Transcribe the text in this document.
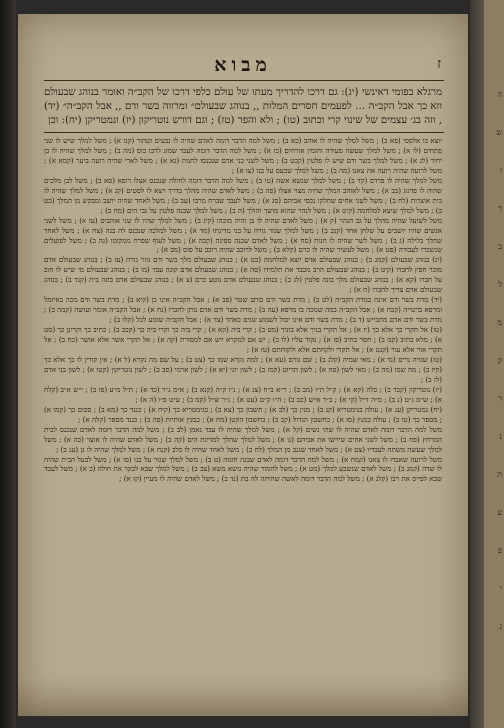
ה
ש
ו
ד
ב
ל
מ
ק
ר
נ
ת
ע
פ
י
ג
מבוא	ז
מרגלא בפומי דאינשי (יג): גם דרכו להדריך מעתו של עולם כלפי דרכו של הקב״ה ואומר בנוהג שבעולם וזא כך אבל הקב״ה … לפעמים חסרים המלות ,, בנוהג שבעולם״ ומרווה בשר ודם ,, אבל הקב״ה״ (יד) , וזה בג׳ עצמים של שינוי קרי וכתוב (טו) ; ולא והפר (טז) ; וגם דורש נוטריקון (יז) וגמטריקן (יח): וכן

יוצא בו אלפסי (פא ב) ; משל למלך שהיה לו אוהב (כא ב) ; משל למה הדבר דומה לאדם שהיה לו נבעים וטהור (קנז א) ; משל למלך שיש לו שני פתחים (לו א) ; משל למלך שעשה סעודה והזמין אורחים (כז א) ; משל למה הדבר דומה לעבד שמזג לרבו כוס (מה ב) ; משל למלך שהיה לו בן יחיד (לג א) ; משל למלך בשר ודם שיש לו פלטין (קכט ב) ; משל לשני בני אדם שנכנסו לחנות (נא א) ; משל לארי שהיה רועה ביער (קמא א) ; משל לרועה שהיה רועה את צאנו (מה ב) ; משל למלך שכעס על בנו (צו א) ;

משל למלך שהיה לו פרדס (קד ב) ; משל למלך שנשא אשה (טו ב) ; משל למה הדבר דומה לחולה שנכנס אצלו רופא (סא ב) ; משל לבן מלכים שהיה לו פדגוג (כב א) ; משל לאוהב המלך שהיה מצוי אצלו (פה ב) ; משל לאדם שהיה מהלך בדרך ויצא לו לסטים (קג א) ; משל למלך שהיה לו בית אוצרות (לח ב) ; משל לשני אחים שחלקו נכסי אביהם (סג א) ; משל לעבד שברח מרבו (עב ב) ; משל לאחד שהיה יושב ומבקש מן המלך (כט ב) ; משל למלך שיצא למלחמה (קיט א) ; משל לנהר שהוא מושך והולך (ה ב) ; משל למלך שבנה פלטין על גבי הים (מח ב) ;

משל לשועל שהיה מהלך על גב הנהר (ק א) ; משל לאדם שהיה לו בן והיה מוכהו (קיג ב) ; משל למלך שהיו לו שני אוהבים (עז א) ; משל לשני אנשים שהיו יושבים על שלחן אחד (קנב ב) ; משל למלך שגזר גזרה על בני מדינתו (מד א) ; משל למלכה שנכנס לה בנה (צח א) ; משל לאחד שהלך בלילה (ג ב) ; משל לשר שהיה לו חנות (סח א) ; משל לאדם שבנה ספינה (קכה א) ; משל לעוף שפרח ממקומו (נה ב) ; משל לפועלים שנשכרו לעבודה (פט א) ; משל לעשיר שהיה לו כרם (קלא ב) ; משל לרוכב שהיה רוכב על סוס (מב א) ;

(יג) בנוהג שבעולם (קמג ב) ; בנוהג שבעולם אדם יוצא למלחמה (כט א) ; בנוהג שבעולם מלך בשר ודם גוזר גזרה (עז ב) ; בנוהג שבעולם אדם מוכר חפץ לחברו (קיט ב) ; בנוהג שבעולם הרב מכבד את תלמידו (סה א) ; בנוהג שבעולם אדם קונה עבד (מו ב) ; בנוהג שבעולם מי שיש לו חוב על חברו (קא א) ; בנוהג שבעולם מלך בונה פלטין (לג ב) ; בנוהג שבעולם אדם נוטע כרם (צ א) ; בנוהג שבעולם אדם בונה בית (קנד ב) ; בנוהג שבעולם אדם צריך לחברו (ח א) ;

(יד) מדת בשר ודם אינה כמדת הקב״ה (לט ב) ; מדת בשר ודם כותב שטר (פב א) ; אבל הקב״ה אינו כן (קיא ב) ; מדת בשר ודם מכה באיזמל ומרפא ברטייה (קכח א) ; אבל הקב״ה במה שמכה בו מרפא (עה ב) ; מדת בשר ודם אדם נותן לחברו (נח א) ; אבל הקב״ה אומר ועושה (קמה ב) ; מדת בשר ודם אדם מתבייש (ד ב) ; מדת בשר ודם אינו יכול לשמוע שנים כאחד (צד א) ; אבל הקב״ה שומע לכל (קלו ב) ;

(טו) אל תקרי כך אלא כך (יז א) ; אל תקרי בניך אלא בוניך (מט ב) ; קרי ביה (קא א) ; קרי ביה כך וקרי ביה כך (קכב ב) ; כתיב כך וקרינן כך (סט א) ; מלא כתיב (קמ ב) ; חסר כתיב (פז א) ; נקוד עליו (לו ב) ; יש אם למקרא ויש אם למסורת (קה א) ; אל תקרי אשר אלא אושר (כח ב) ; אל תקרי אור אלא עור (קנט א) ; אל תקרי ולקחתם אלא ולקוחתם (טז א) ;

(טז) שמיה גרים (נד א) ; מאי שמיה (קלג ב) ; שם גורם (עא א) ; למה נקרא שמו כך (צט ב) ; על שם מה נקרא (ל א) ; אין קורין לו כך אלא כך (קיז ב) ; מה שמו (מה ב) ; מאי לשון (פח א) ; לשון הדיוט (קמז ב) ; לשון יוני (יא א) ; לשון ארמי (סב ב) ; לשון נוטריקון (קטו א) ; לשון בני אדם (לז ב) ;

(יז) נוטריקון (קכד ב) ; כלה (קא א) ; ק״ל ת״ו (מב ב) ; ר״א ב״ח (צג א) ; נ״ו ק״ה (קנא ב) ; א״מ ג״ר (כד א) ; ת״ל מ״ע (פו ב) ; י״ש א״ב (קלח א) ; ש״מ נ״ט (נ ב) ; מ״ה ד״ל (קי א) ; ב״ר א״ש (כב ב) ; ה״ו ק״ם (עט א) ; נ״ר ש״ל (קמ ב) ; ע״ט פ״ו (ה א) ;

(יח) גמטריקן (עג א) ; עולה בגימטריא (קנ ב) ; מנין כך (לב א) ; חשבון כך (צא ב) ; בגימטריא כך (קיח א) ; כנגד כך (מא ב) ; סכום כך (קמו א) ; מספר כך (טו ב) ; עולה כמנין (סז א) ; בחשבון הגדול (קכ ב) ; בחשבון הקטן (מח א) ; כמנין אותיות (פה ב) ; כנגד מספר (קלה א) ;

משל למה הדבר דומה לאדם שהיה לו שתי נשים (קל א) ; משל למלך שהיה לו עבד נאמן (לב ב) ; משל למה הדבר דומה לאדם שנכנס לבית המרחץ (פח ב) ; משל לשני אחים שירשו את אביהם (נו א) ; משל למלך שהלך למדינת הים (קה ב) ; משל לאדם שהיה לו אוצר (כה א) ; משל למלך שעשה משתה לעבדיו (צט א) ; משל לאחד שגנב מן המלך (לח ב) ; משל לאחד שהיה לו כלב (קנח א) ; משל למלך שהיה לו גן (עג ב) ;

משל לרועה שאבדו לו צאנו (קמח א) ; משל למה הדבר דומה לאדם שבנה חומה (ט ב) ; משל למלך שגזר על בנו (סו א) ; משל לבעל הבית שהיה לו שדה (קמג ב) ; משל לאדם שנשבע למלך (מט א) ; משל לחמור שהיה נושא משא (צב ב) ; משל למלך שבא לבקר את חולה (כ א) ; משל לעבד שבא לפייס את רבו (קלג א) ; משל למה הדבר דומה לאשה שהיתה לה בת (נד ב) ; משל לאדם שהיה לו מעיין (קז א) ;
